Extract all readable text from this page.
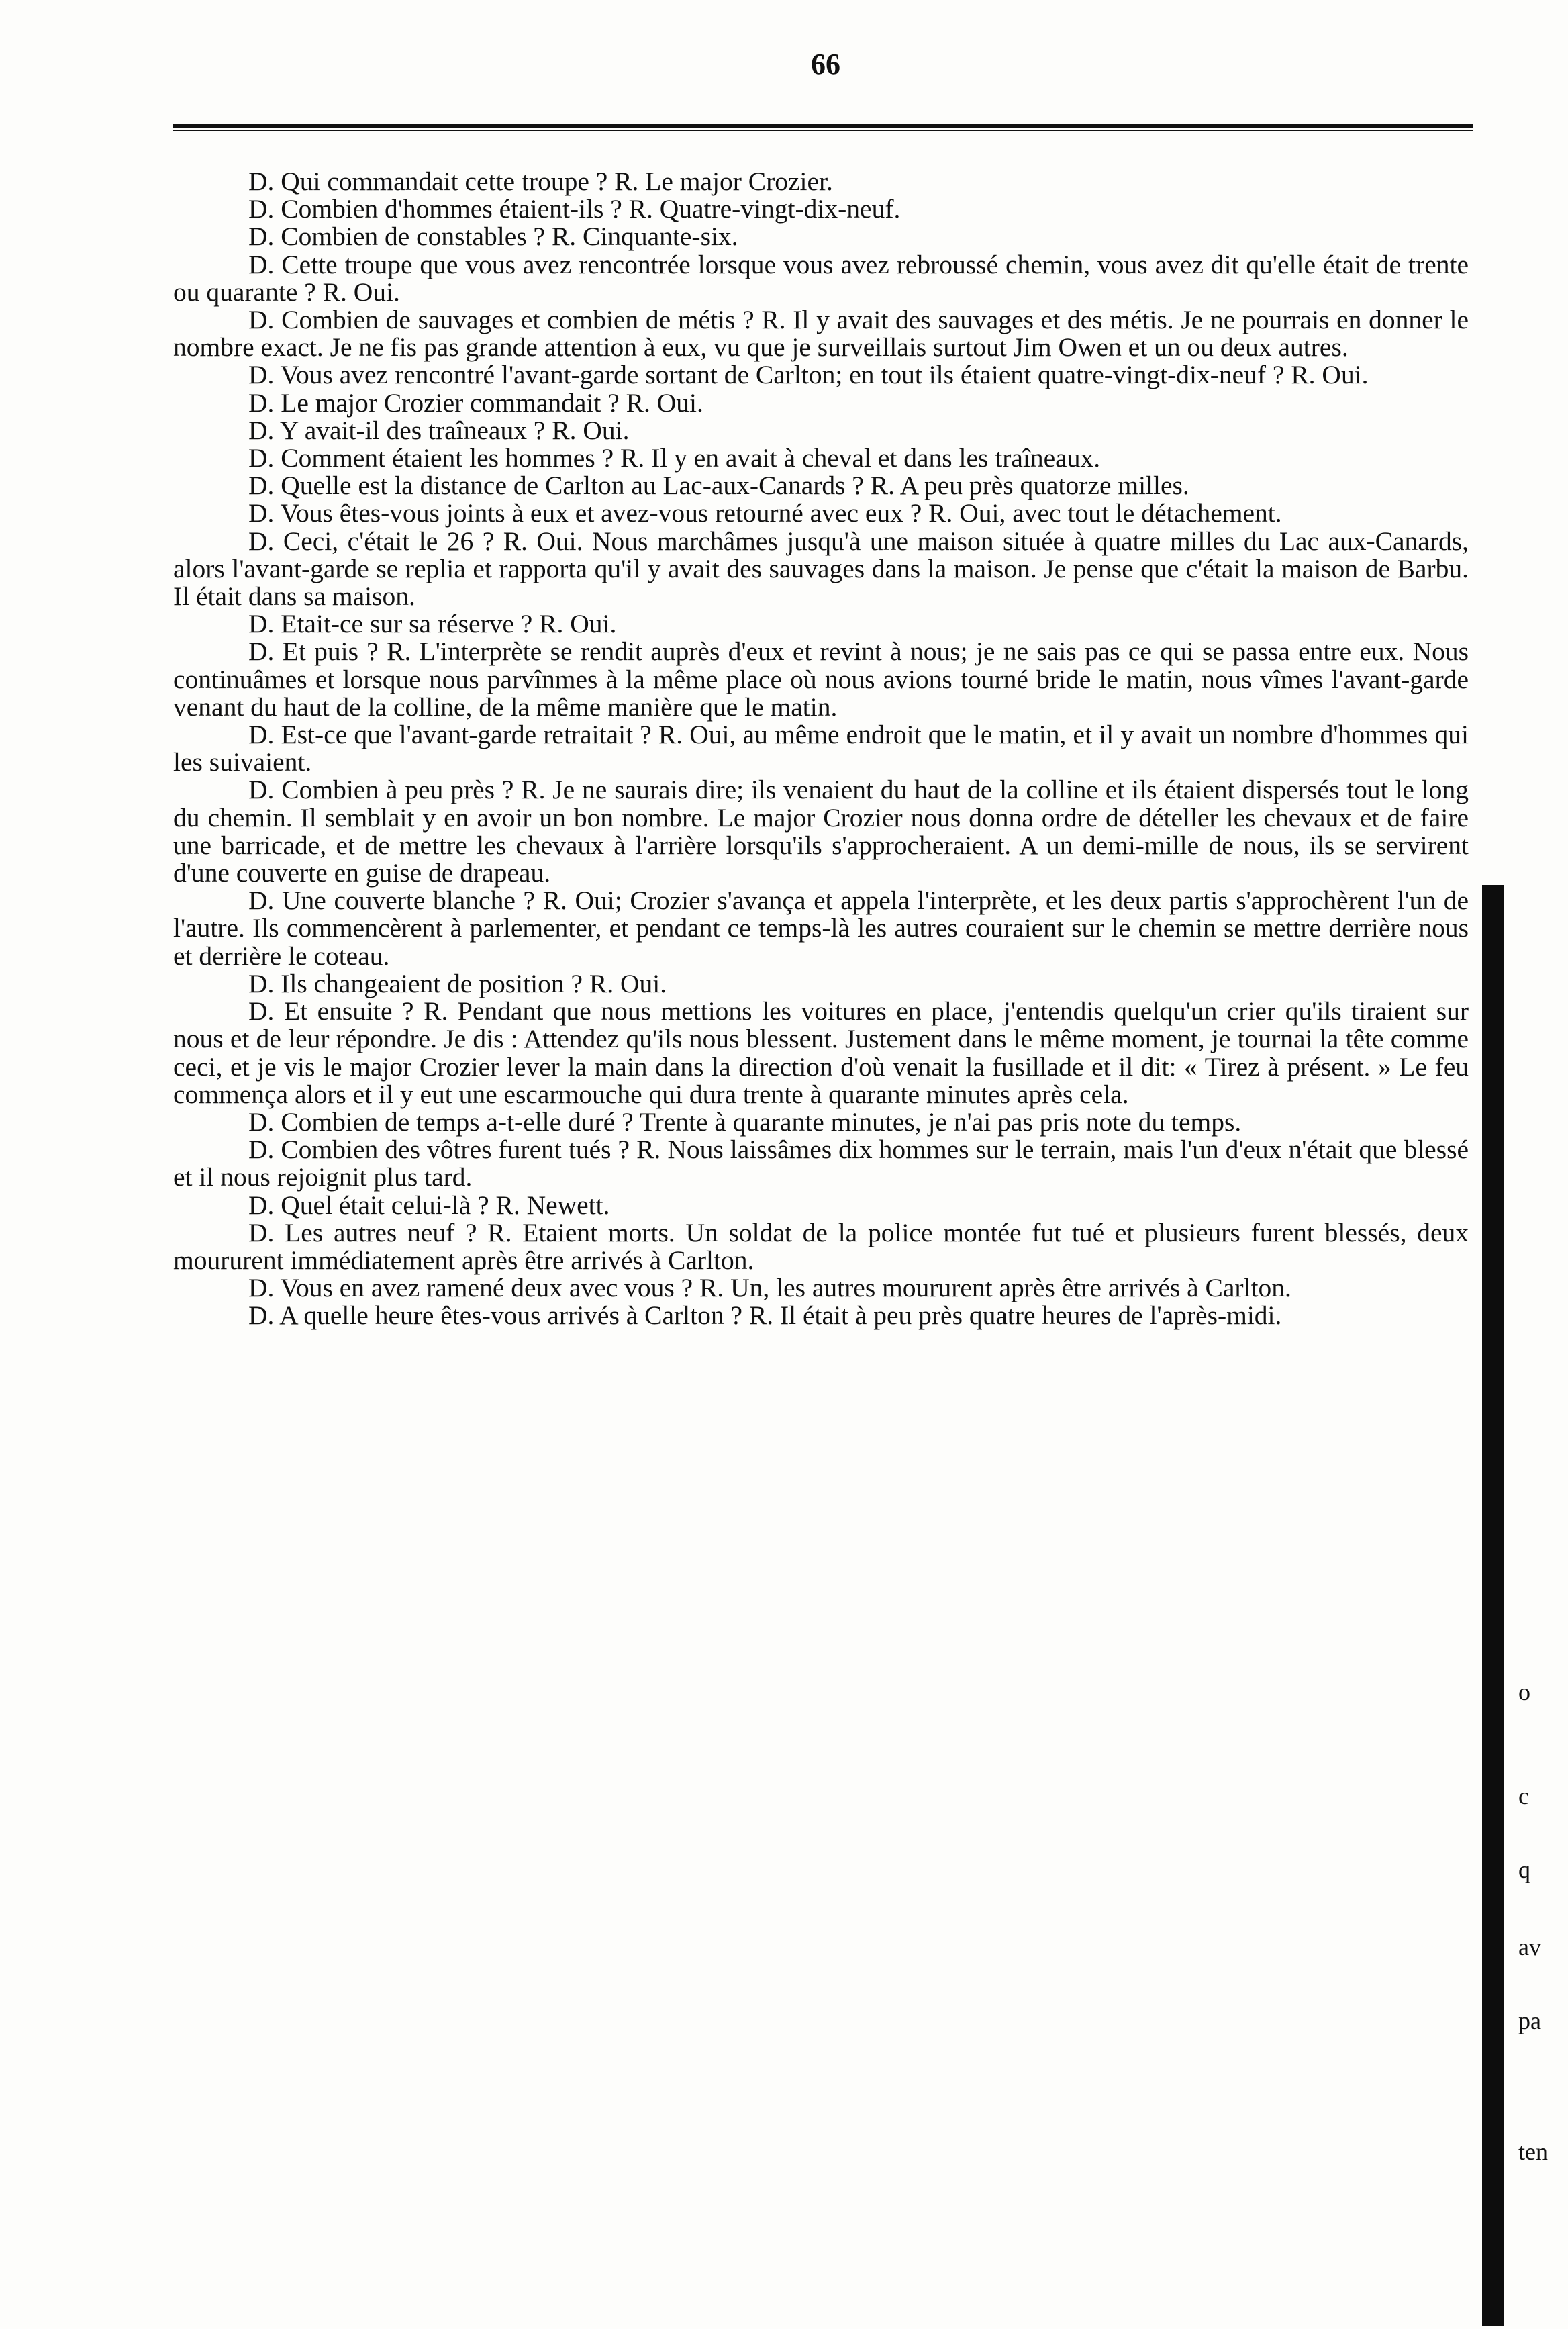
66

D. Qui commandait cette troupe ? R. Le major Crozier.

D. Combien d'hommes étaient-ils ? R. Quatre-vingt-dix-neuf.

D. Combien de constables ? R. Cinquante-six.

D. Cette troupe que vous avez rencontrée lorsque vous avez rebroussé chemin, vous avez dit qu'elle était de trente ou quarante ? R. Oui.

D. Combien de sauvages et combien de métis ? R. Il y avait des sauvages et des métis. Je ne pourrais en donner le nombre exact. Je ne fis pas grande attention à eux, vu que je surveillais surtout Jim Owen et un ou deux autres.

D. Vous avez rencontré l'avant-garde sortant de Carlton; en tout ils étaient quatre-vingt-dix-neuf ? R. Oui.

D. Le major Crozier commandait ? R. Oui.

D. Y avait-il des traîneaux ? R. Oui.

D. Comment étaient les hommes ? R. Il y en avait à cheval et dans les traîneaux.

D. Quelle est la distance de Carlton au Lac-aux-Canards ? R. A peu près quatorze milles.

D. Vous êtes-vous joints à eux et avez-vous retourné avec eux ? R. Oui, avec tout le détachement.

D. Ceci, c'était le 26 ? R. Oui. Nous marchâmes jusqu'à une maison située à quatre milles du Lac aux-Canards, alors l'avant-garde se replia et rapporta qu'il y avait des sauvages dans la maison. Je pense que c'était la maison de Barbu. Il était dans sa maison.

D. Etait-ce sur sa réserve ? R. Oui.

D. Et puis ? R. L'interprète se rendit auprès d'eux et revint à nous; je ne sais pas ce qui se passa entre eux. Nous continuâmes et lorsque nous parvînmes à la même place où nous avions tourné bride le matin, nous vîmes l'avant-garde venant du haut de la colline, de la même manière que le matin.

D. Est-ce que l'avant-garde retraitait ? R. Oui, au même endroit que le matin, et il y avait un nombre d'hommes qui les suivaient.

D. Combien à peu près ? R. Je ne saurais dire; ils venaient du haut de la colline et ils étaient dispersés tout le long du chemin. Il semblait y en avoir un bon nombre. Le major Crozier nous donna ordre de dételler les chevaux et de faire une barricade, et de mettre les chevaux à l'arrière lorsqu'ils s'approcheraient. A un demi-mille de nous, ils se servirent d'une couverte en guise de drapeau.

D. Une couverte blanche ? R. Oui; Crozier s'avança et appela l'interprète, et les deux partis s'approchèrent l'un de l'autre. Ils commencèrent à parlementer, et pendant ce temps-là les autres couraient sur le chemin se mettre derrière nous et derrière le coteau.

D. Ils changeaient de position ? R. Oui.

D. Et ensuite ? R. Pendant que nous mettions les voitures en place, j'entendis quelqu'un crier qu'ils tiraient sur nous et de leur répondre. Je dis : Attendez qu'ils nous blessent. Justement dans le même moment, je tournai la tête comme ceci, et je vis le major Crozier lever la main dans la direction d'où venait la fusillade et il dit: « Tirez à présent. » Le feu commença alors et il y eut une escarmouche qui dura trente à quarante minutes après cela.

D. Combien de temps a-t-elle duré ? Trente à quarante minutes, je n'ai pas pris note du temps.

D. Combien des vôtres furent tués ? R. Nous laissâmes dix hommes sur le terrain, mais l'un d'eux n'était que blessé et il nous rejoignit plus tard.

D. Quel était celui-là ? R. Newett.

D. Les autres neuf ? R. Etaient morts. Un soldat de la police montée fut tué et plusieurs furent blessés, deux moururent immédiatement après être arrivés à Carlton.

D. Vous en avez ramené deux avec vous ? R. Un, les autres moururent après être arrivés à Carlton.

D. A quelle heure êtes-vous arrivés à Carlton ? R. Il était à peu près quatre heures de l'après-midi.

o
c
q
av
pa
ten
